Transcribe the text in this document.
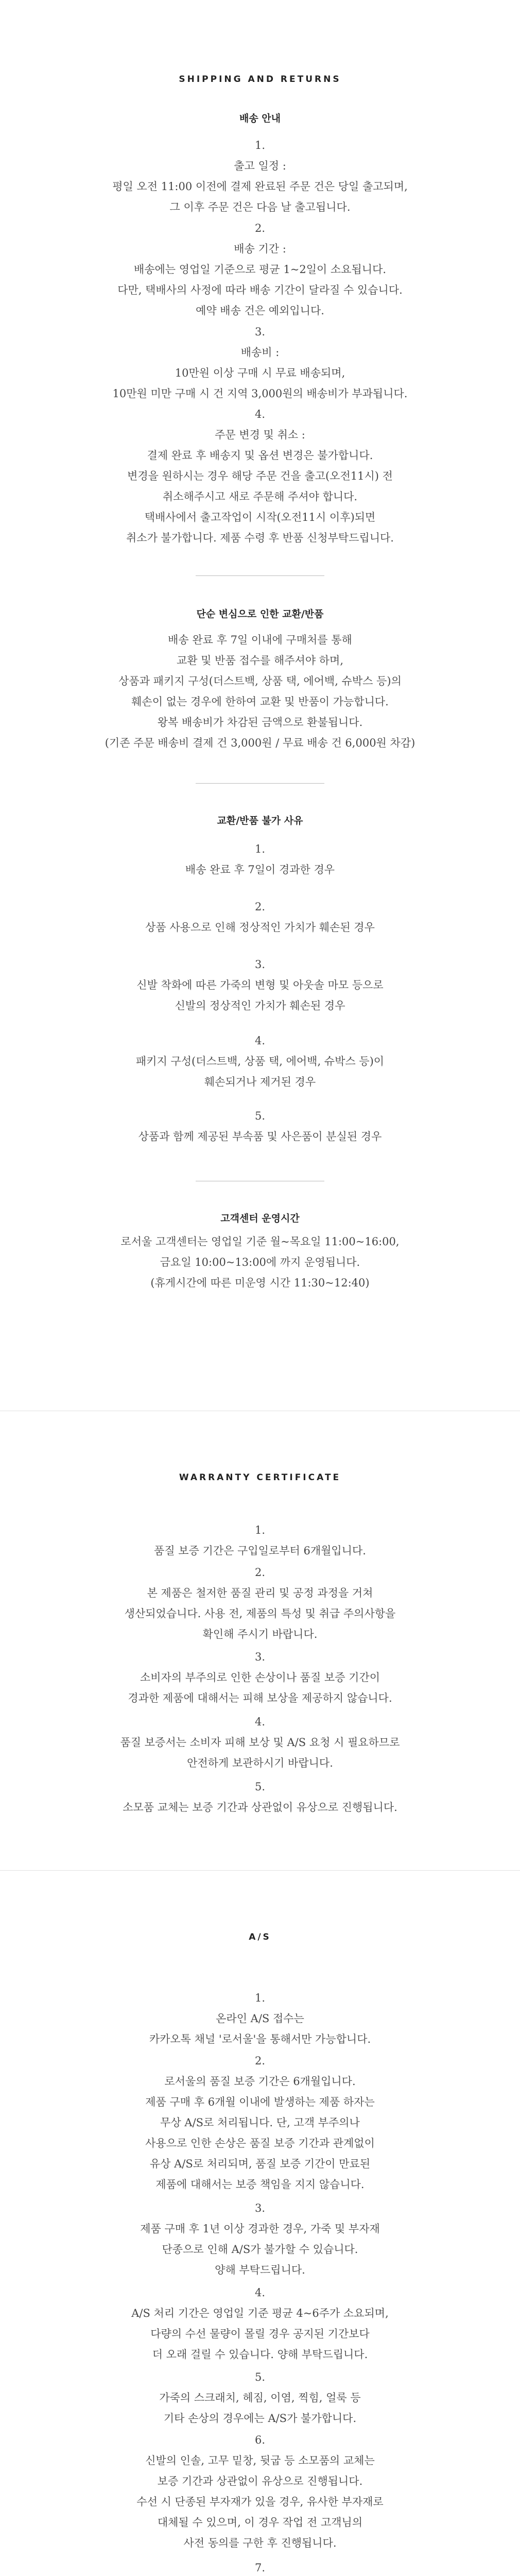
SHIPPING AND RETURNS
배송 안내
1.
출고 일정 :
평일 오전 11:00 이전에 결제 완료된 주문 건은 당일 출고되며,
그 이후 주문 건은 다음 날 출고됩니다.
2.
배송 기간 :
배송에는 영업일 기준으로 평균 1~2일이 소요됩니다.
다만, 택배사의 사정에 따라 배송 기간이 달라질 수 있습니다.
예약 배송 건은 예외입니다.
3.
배송비 :
10만원 이상 구매 시 무료 배송되며,
10만원 미만 구매 시 건 지역 3,000원의 배송비가 부과됩니다.
4.
주문 변경 및 취소 :
결제 완료 후 배송지 및 옵션 변경은 불가합니다.
변경을 원하시는 경우 해당 주문 건을 출고(오전11시) 전
취소해주시고 새로 주문해 주셔야 합니다.
택배사에서 출고작업이 시작(오전11시 이후)되면
취소가 불가합니다. 제품 수령 후 반품 신청부탁드립니다.
단순 변심으로 인한 교환/반품
배송 완료 후 7일 이내에 구매처를 통해
교환 및 반품 접수를 해주셔야 하며,
상품과 패키지 구성(더스트백, 상품 택, 에어백, 슈박스 등)의
훼손이 없는 경우에 한하여 교환 및 반품이 가능합니다.
왕복 배송비가 차감된 금액으로 환불됩니다.
(기존 주문 배송비 결제 건 3,000원 / 무료 배송 건 6,000원 차감)
교환/반품 불가 사유
1.
배송 완료 후 7일이 경과한 경우
2.
상품 사용으로 인해 정상적인 가치가 훼손된 경우
3.
신발 착화에 따른 가죽의 변형 및 아웃솔 마모 등으로
신발의 정상적인 가치가 훼손된 경우
4.
패키지 구성(더스트백, 상품 택, 에어백, 슈박스 등)이
훼손되거나 제거된 경우
5.
상품과 함께 제공된 부속품 및 사은품이 분실된 경우
고객센터 운영시간
로서울 고객센터는 영업일 기준 월~목요일 11:00~16:00,
금요일 10:00~13:00에 까지 운영됩니다.
(휴게시간에 따른 미운영 시간 11:30~12:40)
WARRANTY CERTIFICATE
1.
품질 보증 기간은 구입일로부터 6개월입니다.
2.
본 제품은 철저한 품질 관리 및 공정 과정을 거쳐
생산되었습니다. 사용 전, 제품의 특성 및 취급 주의사항을
확인해 주시기 바랍니다.
3.
소비자의 부주의로 인한 손상이나 품질 보증 기간이
경과한 제품에 대해서는 피해 보상을 제공하지 않습니다.
4.
품질 보증서는 소비자 피해 보상 및 A/S 요청 시 필요하므로
안전하게 보관하시기 바랍니다.
5.
소모품 교체는 보증 기간과 상관없이 유상으로 진행됩니다.
A/S
1.
온라인 A/S 접수는
카카오톡 채널 '로서울'을 통해서만 가능합니다.
2.
로서울의 품질 보증 기간은 6개월입니다.
제품 구매 후 6개월 이내에 발생하는 제품 하자는
무상 A/S로 처리됩니다. 단, 고객 부주의나
사용으로 인한 손상은 품질 보증 기간과 관계없이
유상 A/S로 처리되며, 품질 보증 기간이 만료된
제품에 대해서는 보증 책임을 지지 않습니다.
3.
제품 구매 후 1년 이상 경과한 경우, 가죽 및 부자재
단종으로 인해 A/S가 불가할 수 있습니다.
양해 부탁드립니다.
4.
A/S 처리 기간은 영업일 기준 평균 4~6주가 소요되며,
다량의 수선 물량이 몰릴 경우 공지된 기간보다
더 오래 걸릴 수 있습니다. 양해 부탁드립니다.
5.
가죽의 스크래치, 헤짐, 이염, 찍힘, 얼룩 등
기타 손상의 경우에는 A/S가 불가합니다.
6.
신발의 인솔, 고무 밑창, 뒷굽 등 소모품의 교체는
보증 기간과 상관없이 유상으로 진행됩니다.
수선 시 단종된 부자재가 있을 경우, 유사한 부자재로
대체될 수 있으며, 이 경우 작업 전 고객님의
사전 동의를 구한 후 진행됩니다.
7.
